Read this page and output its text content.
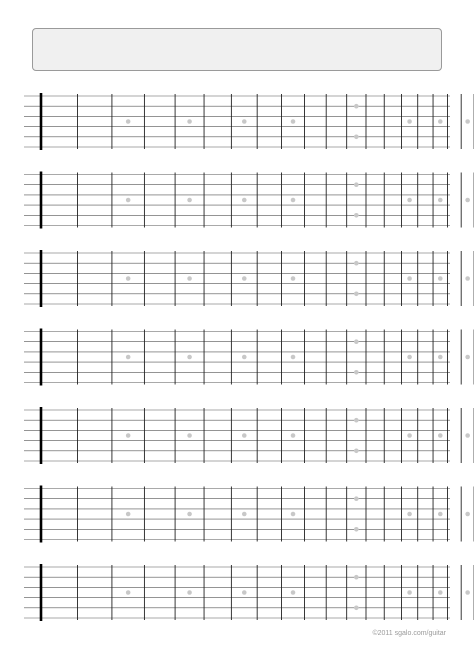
©2011 sgalo.com/guitar
